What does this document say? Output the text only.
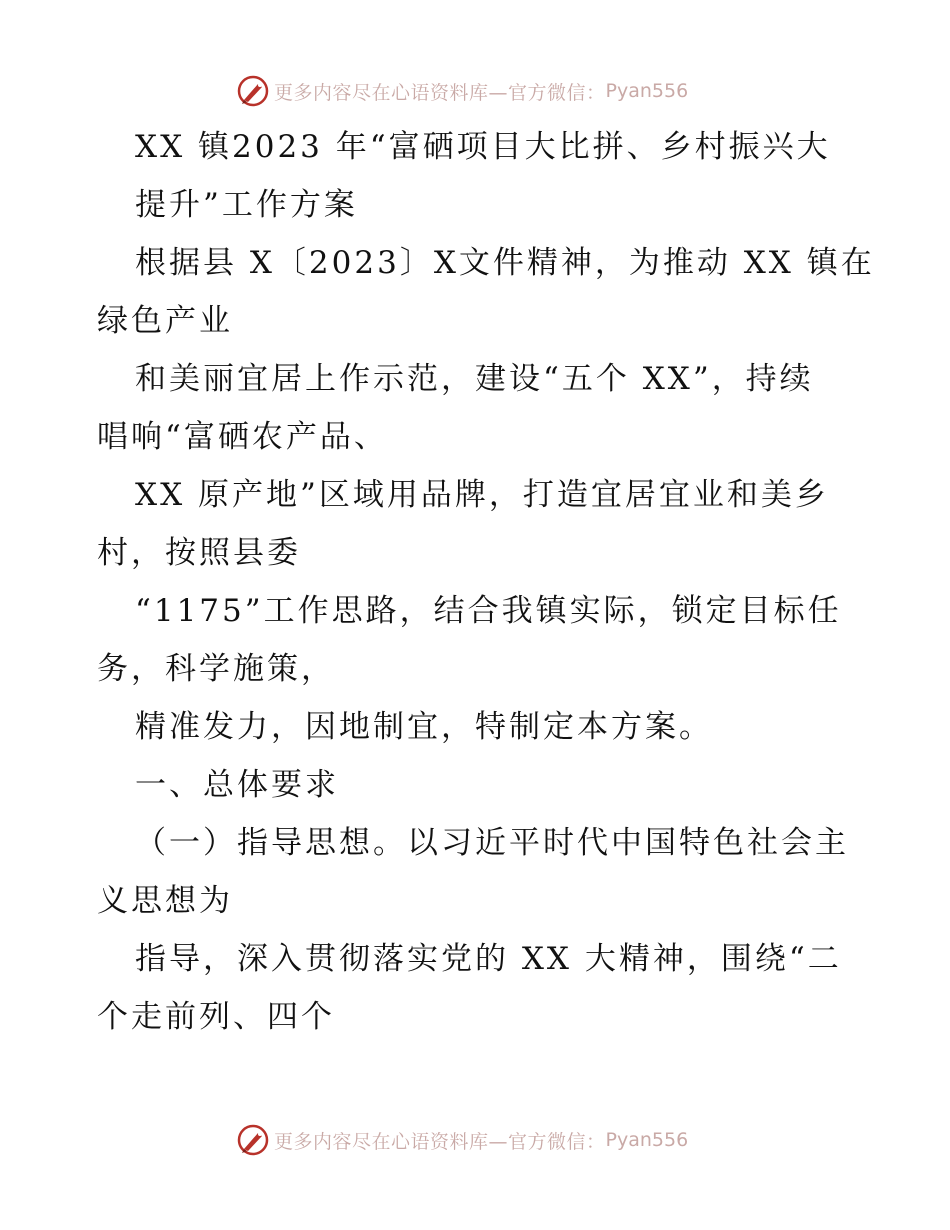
更多内容尽在心语资料库—官方微信： Pyan556
XX 镇2023 年“富硒项目大比拼、乡村振兴大
提升”工作方案
根据县 X〔2023〕X文件精神，为推动 XX 镇在
绿色产业
和美丽宜居上作示范，建设“五个 XX”，持续
唱响“富硒农产品、
XX 原产地”区域用品牌，打造宜居宜业和美乡
村，按照县委
“1175”工作思路，结合我镇实际，锁定目标任
务，科学施策，
精准发力，因地制宜，特制定本方案。
一、总体要求
（一）指导思想。以习近平时代中国特色社会主
义思想为
指导，深入贯彻落实党的 XX 大精神，围绕“二
个走前列、四个
更多内容尽在心语资料库—官方微信： Pyan556
